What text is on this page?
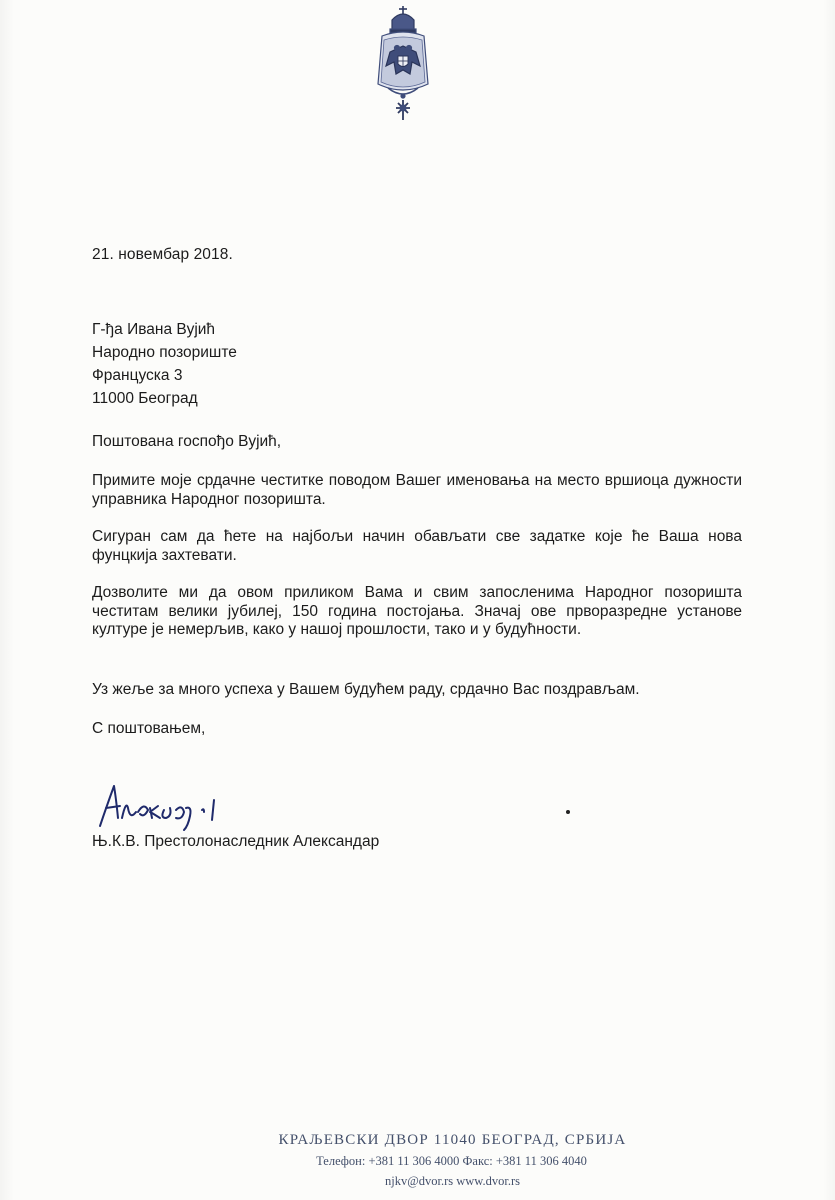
21. новембар 2018.
Г-ђа Ивана Вујић
Народно позориште
Француска 3
11000 Београд
Поштована госпођо Вујић,
Примите моје срдачне честитке поводом Вашег именовања на место вршиоца дужности управника Народног позоришта.
Сигуран сам да ћете на најбољи начин обављати све задатке које ће Ваша нова фунцкија захтевати.
Дозволите ми да овом приликом Вама и свим запосленима Народног позоришта честитам велики јубилеј, 150 година постојања. Значај ове прворазредне установе културе је немерљив, како у нашој прошлости, тако и у будућности.
Уз жеље за много успеха у Вашем будућем раду, срдачно Вас поздрављам.
С поштовањем,
Њ.К.В. Престолонаследник Александар
КРАЉЕВСКИ ДВОР 11040 БЕОГРАД, СРБИЈА
Телефон: +381 11 306 4000 Факс: +381 11 306 4040
njkv@dvor.rs www.dvor.rs
